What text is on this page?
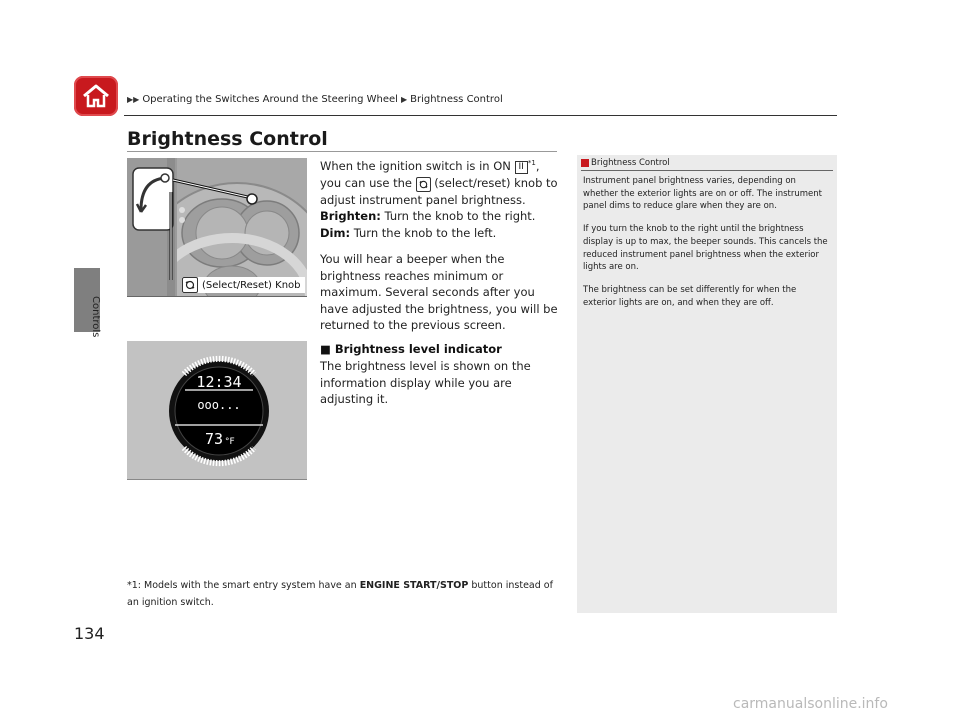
▶▶ Operating the Switches Around the Steering Wheel ▶ Brightness Control
Controls
134
Brightness Control
(Select/Reset) Knob
12:34
ooo...
73 °F

When the ignition switch is in ON II $^{*1}$, you can use the (select/reset) knob to adjust instrument panel brightness.

Brighten: Turn the knob to the right.

Dim: Turn the knob to the left.

You will hear a beeper when the brightness reaches minimum or maximum. Several seconds after you have adjusted the brightness, you will be returned to the previous screen.

■ Brightness level indicator
The brightness level is shown on the information display while you are adjusting it.
*1: Models with the smart entry system have an ENGINE START/STOP button instead of an ignition switch.
Brightness Control

Instrument panel brightness varies, depending on whether the exterior lights are on or off. The instrument panel dims to reduce glare when they are on.

If you turn the knob to the right until the brightness display is up to max, the beeper sounds. This cancels the reduced instrument panel brightness when the exterior lights are on.

The brightness can be set differently for when the exterior lights are on, and when they are off.

carmanualsonline.info
